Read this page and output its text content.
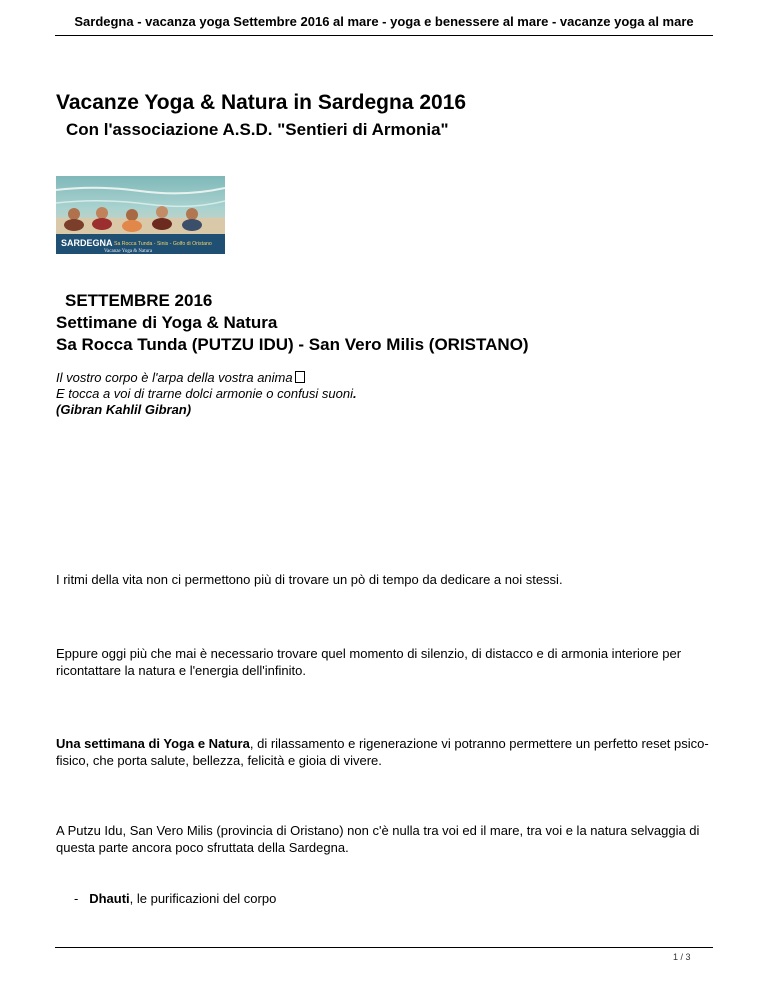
Sardegna - vacanza yoga Settembre 2016 al mare - yoga e benessere al mare - vacanze yoga al mare
Vacanze Yoga & Natura in Sardegna 2016
Con l'associazione A.S.D. "Sentieri di Armonia"
SARDEGNA Sa Rocca Tunda - Sinis - Golfo di Oristano
Vacanze Yoga & Natura
SETTEMBRE 2016
Settimane di Yoga & Natura
Sa Rocca Tunda (PUTZU IDU) - San Vero Milis (ORISTANO)
Il vostro corpo è l'arpa della vostra anima
E tocca a voi di trarne dolci armonie o confusi suoni.
(Gibran Kahlil Gibran)
I ritmi della vita non ci permettono più di trovare un pò di tempo da dedicare a noi stessi.
Eppure oggi più che mai è necessario trovare quel momento di silenzio, di distacco e di armonia interiore per ricontattare la natura e l'energia dell'infinito.
Una settimana di Yoga e Natura, di rilassamento e rigenerazione vi potranno permettere un perfetto reset psico-fisico, che porta salute, bellezza, felicità e gioia di vivere.
A Putzu Idu, San Vero Milis (provincia di Oristano) non c'è nulla tra voi ed il mare, tra voi e la natura selvaggia di questa parte ancora poco sfruttata della Sardegna.
- Dhauti, le purificazioni del corpo
1 / 3
